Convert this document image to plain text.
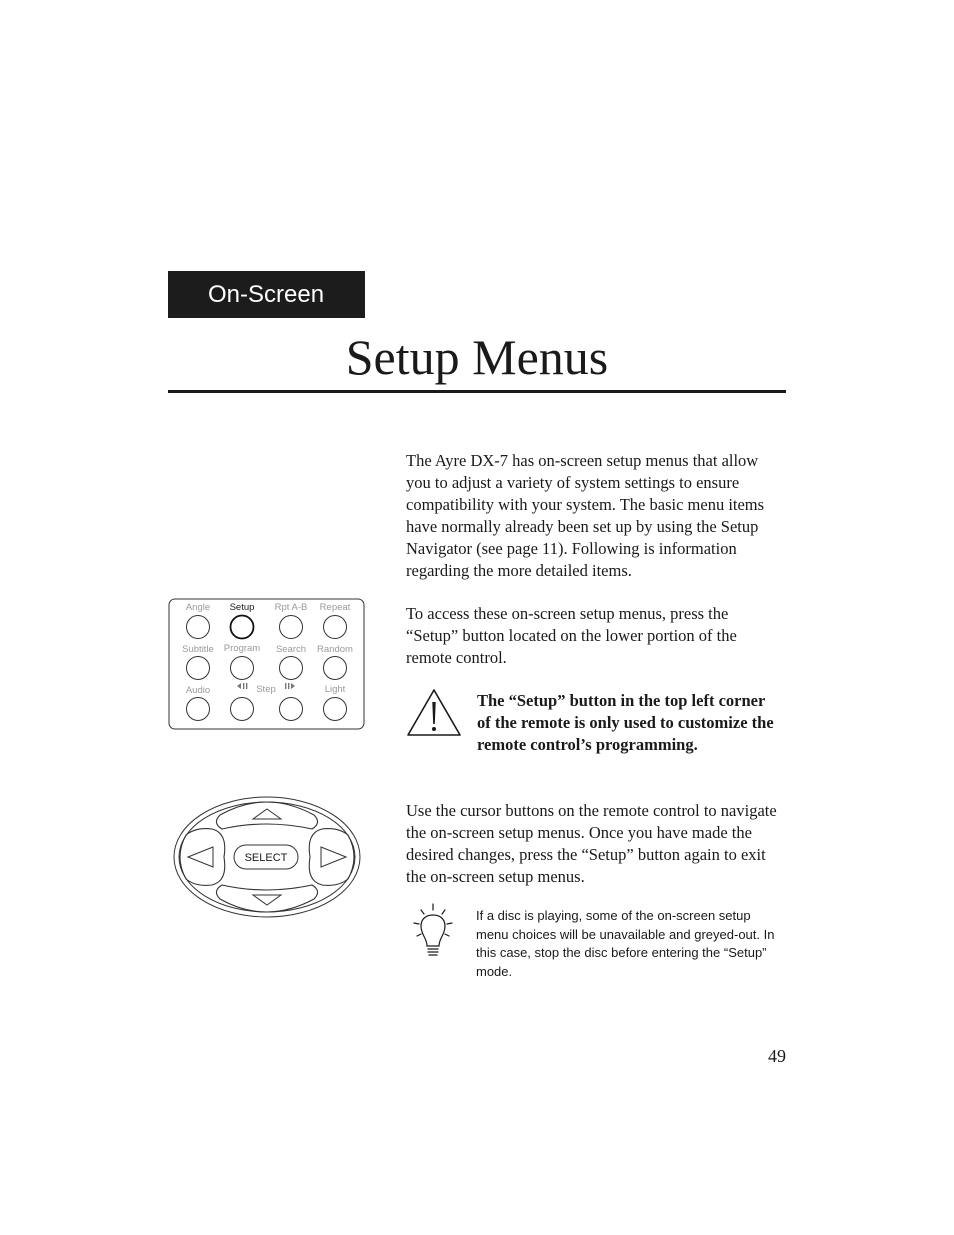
On-Screen
Setup Menus

The Ayre DX-7 has on-screen setup menus that allow you to adjust a variety of system settings to ensure compatibility with your system. The basic menu items have normally already been set up by using the Setup Navigator (see page 11). Following is information regarding the more detailed items.

To access these on-screen setup menus, press the “Setup” button located on the lower portion of the remote control.

Angle Setup Rpt A-B Repeat
Subtitle Program Search Random
Audio	Step	Light

The “Setup” button in the top left corner of the remote is only used to customize the remote control’s programming.

SELECT

Use the cursor buttons on the remote control to navigate the on-screen setup menus. Once you have made the desired changes, press the “Setup” button again to exit the on-screen setup menus.

If a disc is playing, some of the on-screen setup menu choices will be unavailable and greyed-out. In this case, stop the disc before entering the “Setup” mode.

49
